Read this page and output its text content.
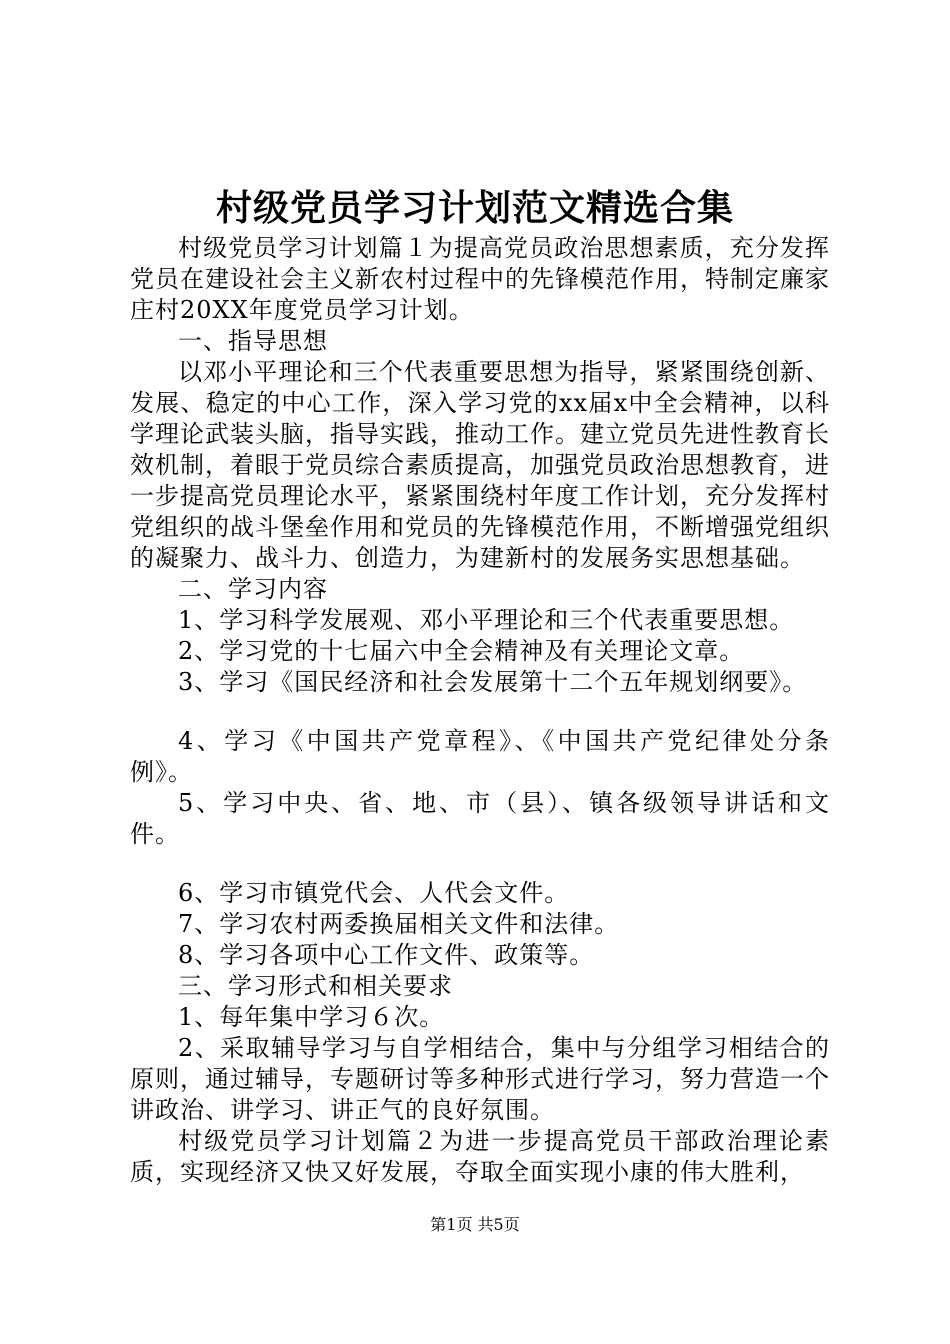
村级党员学习计划范文精选合集

村级党员学习计划篇１为提高党员政治思想素质，充分发挥党员在建设社会主义新农村过程中的先锋模范作用，特制定廉家庄村20XX年度党员学习计划。

一、指导思想

以邓小平理论和三个代表重要思想为指导，紧紧围绕创新、发展、稳定的中心工作，深入学习党的xx届x中全会精神，以科学理论武装头脑，指导实践，推动工作。建立党员先进性教育长效机制，着眼于党员综合素质提高，加强党员政治思想教育，进一步提高党员理论水平，紧紧围绕村年度工作计划，充分发挥村党组织的战斗堡垒作用和党员的先锋模范作用，不断增强党组织的凝聚力、战斗力、创造力，为建新村的发展务实思想基础。

二、学习内容

1、学习科学发展观、邓小平理论和三个代表重要思想。

2、学习党的十七届六中全会精神及有关理论文章。

3、学习《国民经济和社会发展第十二个五年规划纲要》。

4、学习《中国共产党章程》、《中国共产党纪律处分条例》。

5、学习中央、省、地、市（县）、镇各级领导讲话和文件。

6、学习市镇党代会、人代会文件。

7、学习农村两委换届相关文件和法律。

8、学习各项中心工作文件、政策等。

三、学习形式和相关要求

1、每年集中学习６次。

2、采取辅导学习与自学相结合，集中与分组学习相结合的原则，通过辅导，专题研讨等多种形式进行学习，努力营造一个讲政治、讲学习、讲正气的良好氛围。

村级党员学习计划篇２为进一步提高党员干部政治理论素质，实现经济又快又好发展，夺取全面实现小康的伟大胜利，

第1页 共5页
